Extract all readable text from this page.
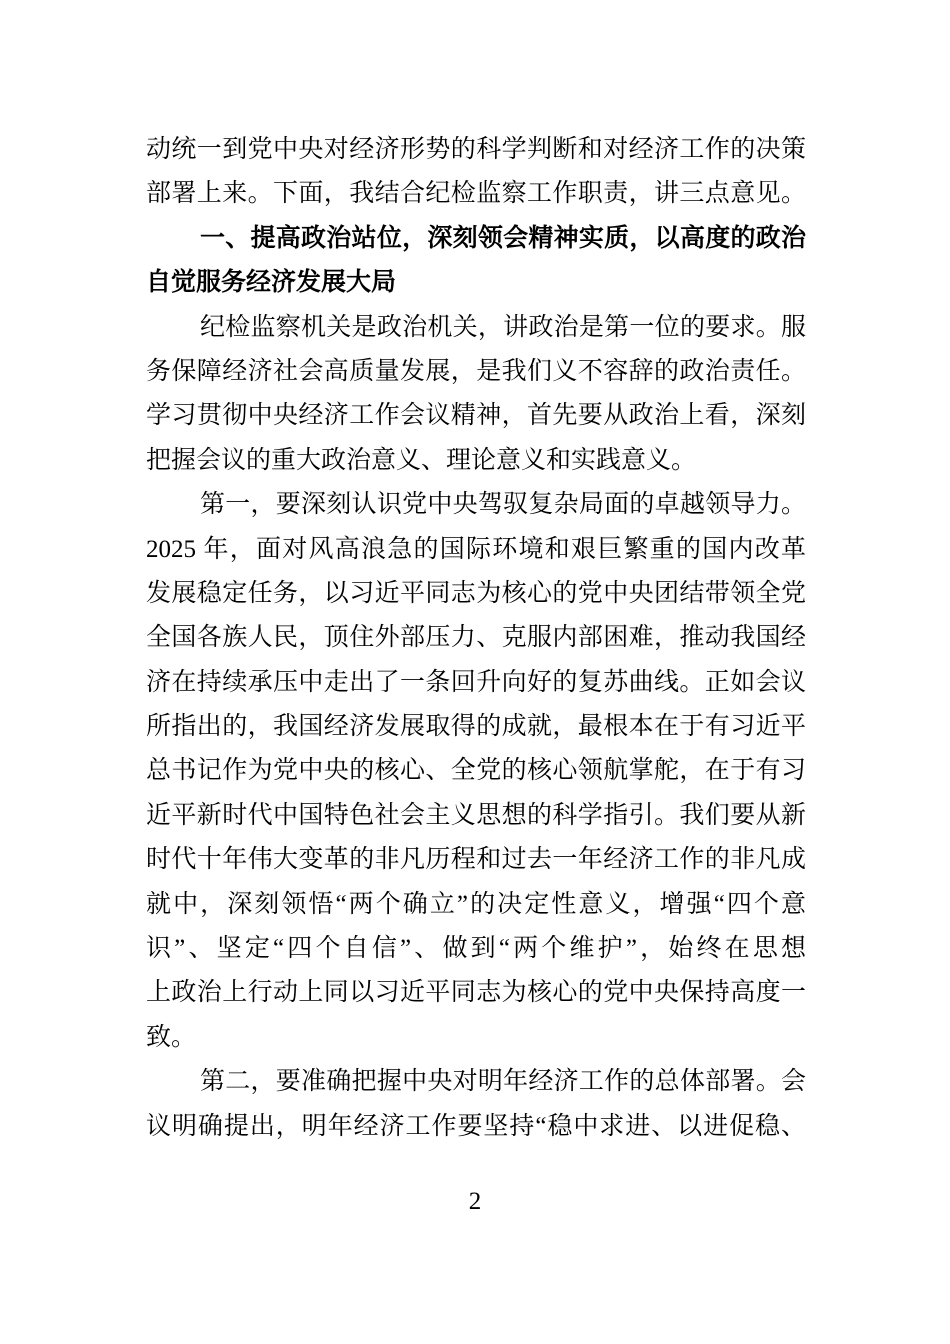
动统一到党中央对经济形势的科学判断和对经济工作的决策
部署上来。下面，我结合纪检监察工作职责，讲三点意见。
一、提高政治站位，深刻领会精神实质，以高度的政治
自觉服务经济发展大局
纪检监察机关是政治机关，讲政治是第一位的要求。服
务保障经济社会高质量发展，是我们义不容辞的政治责任。
学习贯彻中央经济工作会议精神，首先要从政治上看，深刻
把握会议的重大政治意义、理论意义和实践意义。
第一，要深刻认识党中央驾驭复杂局面的卓越领导力。
2025 年，面对风高浪急的国际环境和艰巨繁重的国内改革
发展稳定任务，以习近平同志为核心的党中央团结带领全党
全国各族人民，顶住外部压力、克服内部困难，推动我国经
济在持续承压中走出了一条回升向好的复苏曲线。正如会议
所指出的，我国经济发展取得的成就，最根本在于有习近平
总书记作为党中央的核心、全党的核心领航掌舵，在于有习
近平新时代中国特色社会主义思想的科学指引。我们要从新
时代十年伟大变革的非凡历程和过去一年经济工作的非凡成
就中，深刻领悟“两个确立”的决定性意义，增强“四个意
识”、坚定“四个自信”、做到“两个维护”，始终在思想
上政治上行动上同以习近平同志为核心的党中央保持高度一
致。
第二，要准确把握中央对明年经济工作的总体部署。会
议明确提出，明年经济工作要坚持“稳中求进、以进促稳、
2
